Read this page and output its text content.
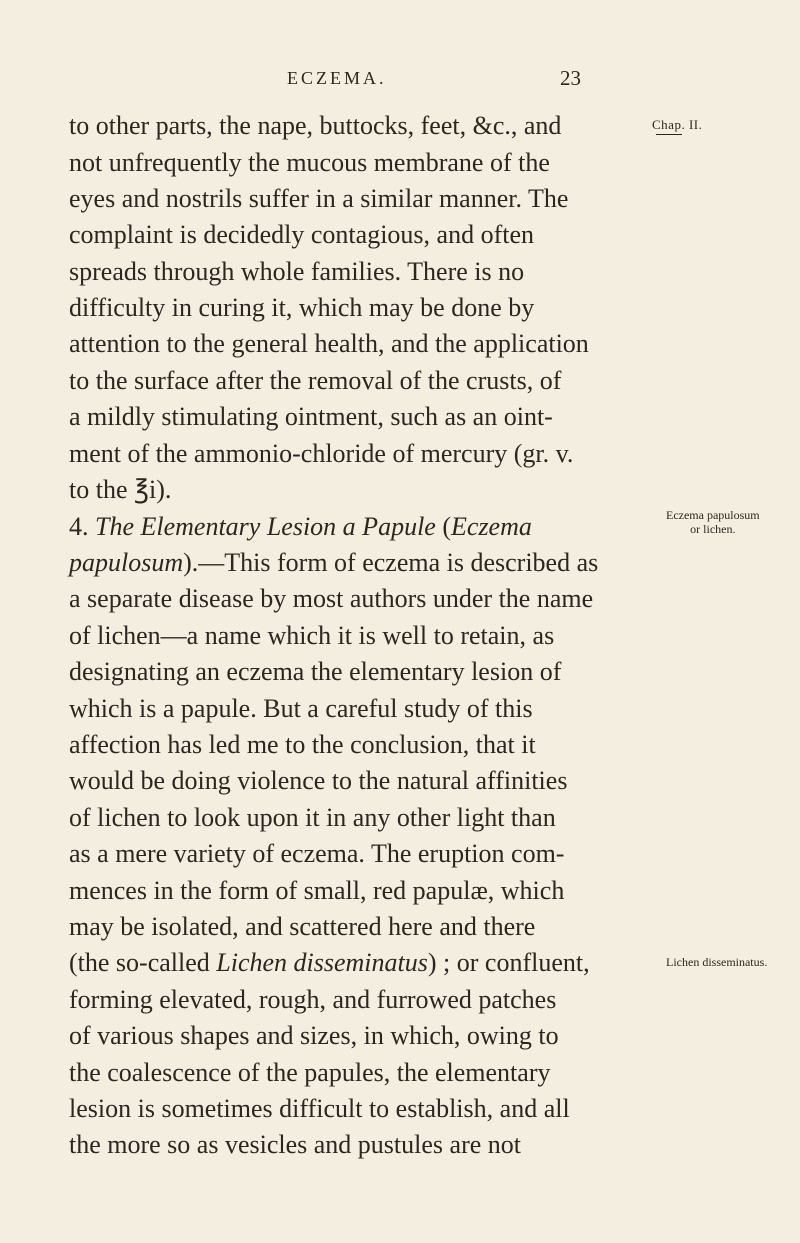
ECZEMA.	23
Chap. II.
to other parts, the nape, buttocks, feet, &c., and
not unfrequently the mucous membrane of the
eyes and nostrils suffer in a similar manner. The
complaint is decidedly contagious, and often
spreads through whole families. There is no
difficulty in curing it, which may be done by
attention to the general health, and the application
to the surface after the removal of the crusts, of
a mildly stimulating ointment, such as an oint-
ment of the ammonio-chloride of mercury (gr. v.
to the ℥i).
4. The Elementary Lesion a Papule (Eczema
papulosum).—This form of eczema is described as
a separate disease by most authors under the name
of lichen—a name which it is well to retain, as
designating an eczema the elementary lesion of
which is a papule. But a careful study of this
affection has led me to the conclusion, that it
would be doing violence to the natural affinities
of lichen to look upon it in any other light than
as a mere variety of eczema. The eruption com-
mences in the form of small, red papulæ, which
may be isolated, and scattered here and there
(the so-called Lichen disseminatus) ; or confluent,
forming elevated, rough, and furrowed patches
of various shapes and sizes, in which, owing to
the coalescence of the papules, the elementary
lesion is sometimes difficult to establish, and all
the more so as vesicles and pustules are not
Eczema papulosum
or lichen.
Lichen disseminatus.
